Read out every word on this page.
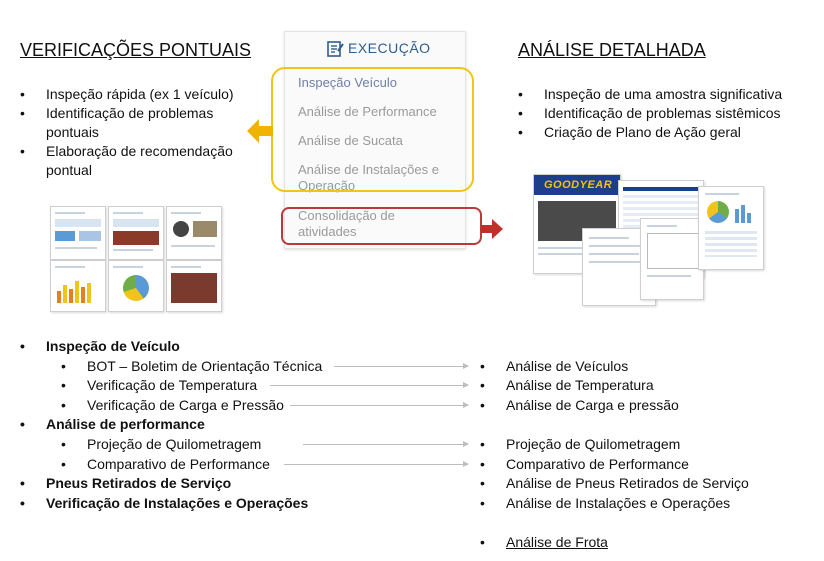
VERIFICAÇÕES PONTUAIS
• Inspeção rápida (ex 1 veículo)
• Identificação de problemas pontuais
• Elaboração de recomendação pontual
ANÁLISE DETALHADA
• Inspeção de uma amostra significativa
• Identificação de problemas sistêmicos
• Criação de Plano de Ação geral
EXECUÇÃO
Inspeção Veículo
Análise de Performance
Análise de Sucata
Análise de Instalações e Operação
Consolidação de atividades
GOODYEAR
• Inspeção de Veículo
• BOT – Boletim de Orientação Técnica
• Verificação de Temperatura
• Verificação de Carga e Pressão
• Análise de performance
• Projeção de Quilometragem
• Comparativo de Performance
• Pneus Retirados de Serviço
• Verificação de Instalações e Operações
• Análise de Veículos
• Análise de Temperatura
• Análise de Carga e pressão
• Projeção de Quilometragem
• Comparativo de Performance
• Análise de Pneus Retirados de Serviço
• Análise de Instalações e Operações
• Análise de Frota
